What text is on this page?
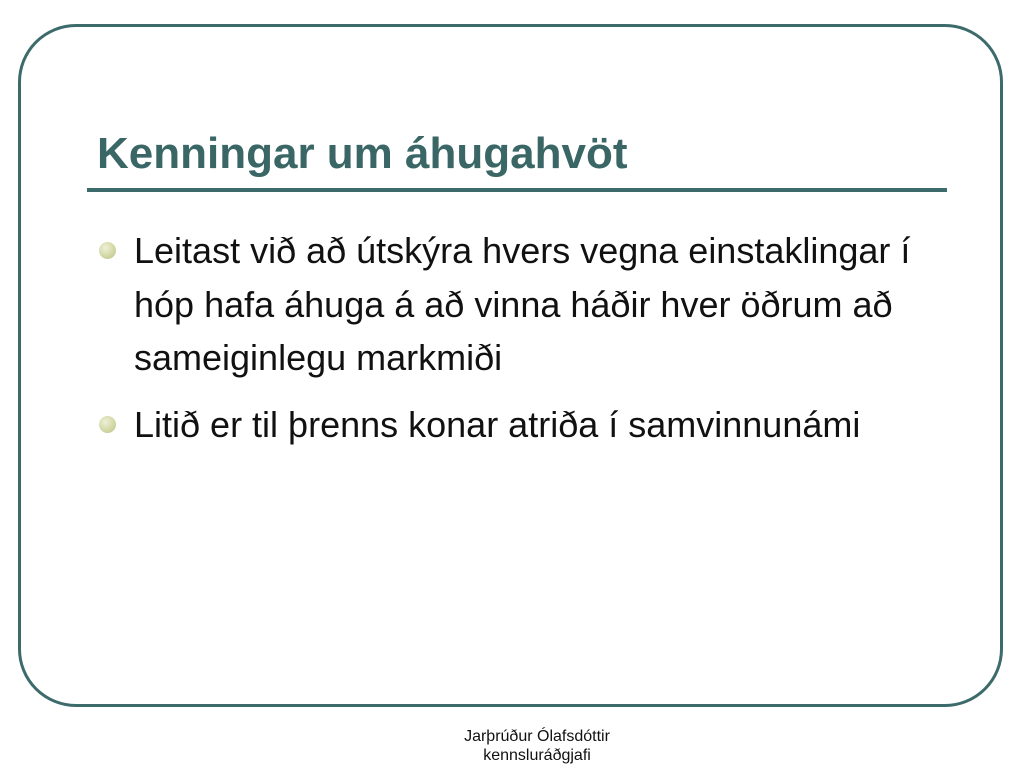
Kenningar um áhugahvöt
Leitast við að útskýra hvers vegna einstaklingar í hóp hafa áhuga á að vinna háðir hver öðrum að sameiginlegu markmiði
Litið er til þrenns konar atriða í samvinnunámi
Jarþrúður Ólafsdóttir
kennsluráðgjafi
